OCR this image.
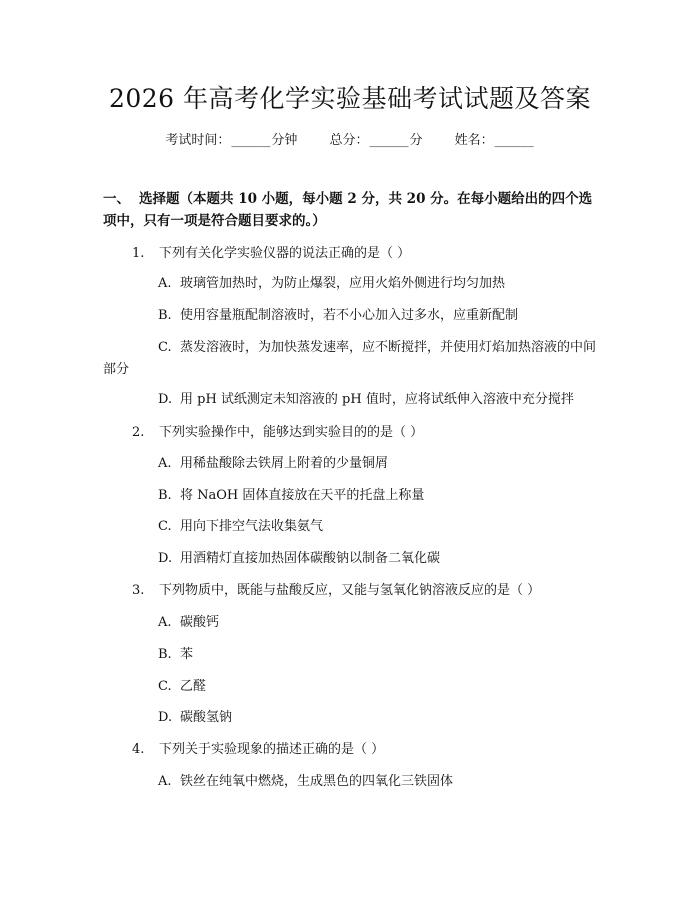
2026 年高考化学实验基础考试试题及答案
考试时间：______分钟 总分：______分 姓名：______
一、 选择题（本题共 10 小题，每小题 2 分，共 20 分。在每小题给出的四个选项中，只有一项是符合题目要求的。）
1. 下列有关化学实验仪器的说法正确的是（ ）
A. 玻璃管加热时，为防止爆裂，应用火焰外侧进行均匀加热
B. 使用容量瓶配制溶液时，若不小心加入过多水，应重新配制
C. 蒸发溶液时，为加快蒸发速率，应不断搅拌，并使用灯焰加热溶液的中间部分
D. 用 pH 试纸测定未知溶液的 pH 值时，应将试纸伸入溶液中充分搅拌
2. 下列实验操作中，能够达到实验目的的是（ ）
A. 用稀盐酸除去铁屑上附着的少量铜屑
B. 将 NaOH 固体直接放在天平的托盘上称量
C. 用向下排空气法收集氨气
D. 用酒精灯直接加热固体碳酸钠以制备二氧化碳
3. 下列物质中，既能与盐酸反应，又能与氢氧化钠溶液反应的是（ ）
A. 碳酸钙
B. 苯
C. 乙醛
D. 碳酸氢钠
4. 下列关于实验现象的描述正确的是（ ）
A. 铁丝在纯氧中燃烧，生成黑色的四氧化三铁固体
